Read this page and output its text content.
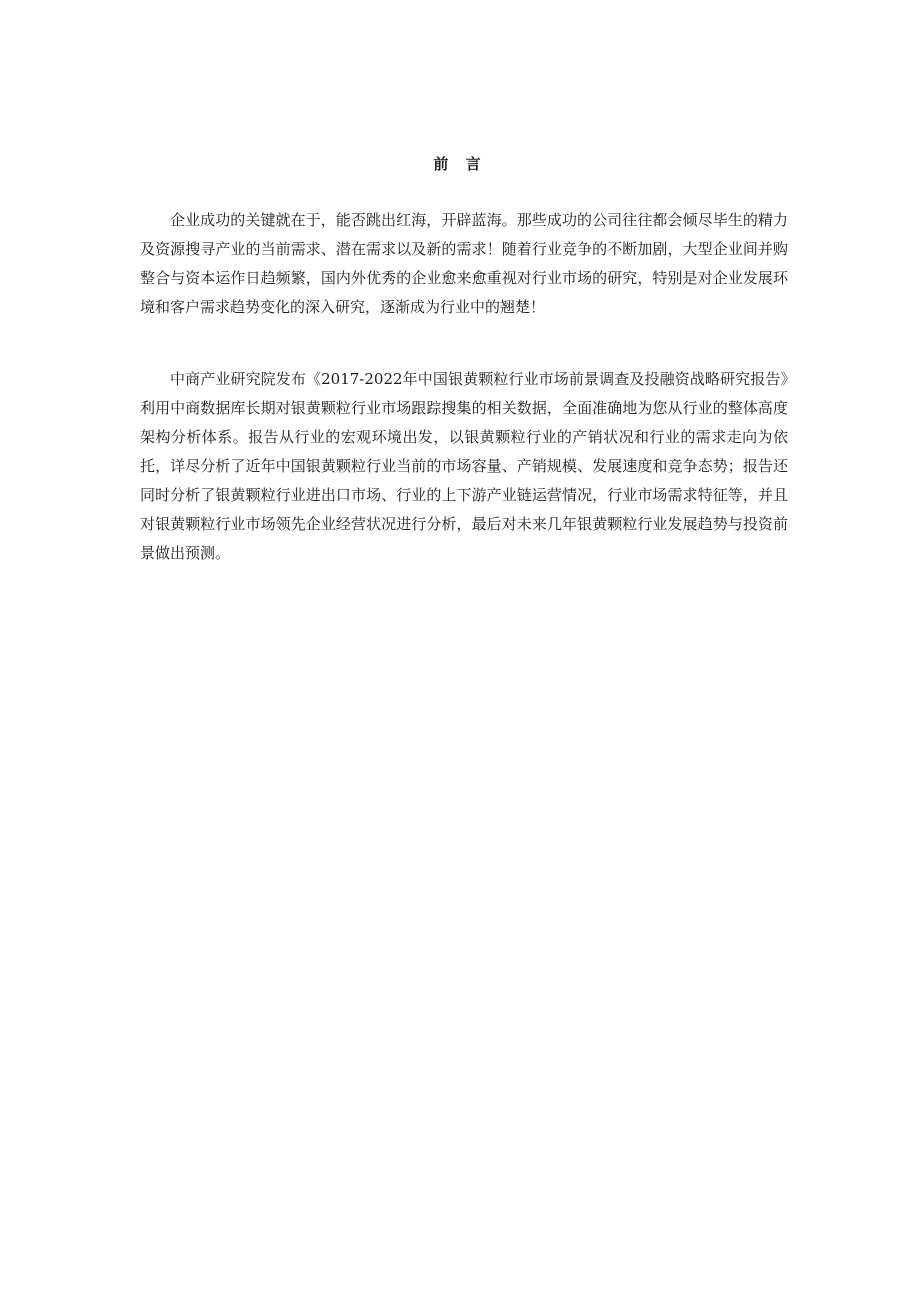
前 言

企业成功的关键就在于，能否跳出红海，开辟蓝海。那些成功的公司往往都会倾尽毕生的精力及资源搜寻产业的当前需求、潜在需求以及新的需求！随着行业竞争的不断加剧，大型企业间并购整合与资本运作日趋频繁，国内外优秀的企业愈来愈重视对行业市场的研究，特别是对企业发展环境和客户需求趋势变化的深入研究，逐渐成为行业中的翘楚！

中商产业研究院发布《2017-2022年中国银黄颗粒行业市场前景调查及投融资战略研究报告》利用中商数据库长期对银黄颗粒行业市场跟踪搜集的相关数据，全面准确地为您从行业的整体高度架构分析体系。报告从行业的宏观环境出发，以银黄颗粒行业的产销状况和行业的需求走向为依托，详尽分析了近年中国银黄颗粒行业当前的市场容量、产销规模、发展速度和竞争态势；报告还同时分析了银黄颗粒行业进出口市场、行业的上下游产业链运营情况，行业市场需求特征等，并且对银黄颗粒行业市场领先企业经营状况进行分析，最后对未来几年银黄颗粒行业发展趋势与投资前景做出预测。
